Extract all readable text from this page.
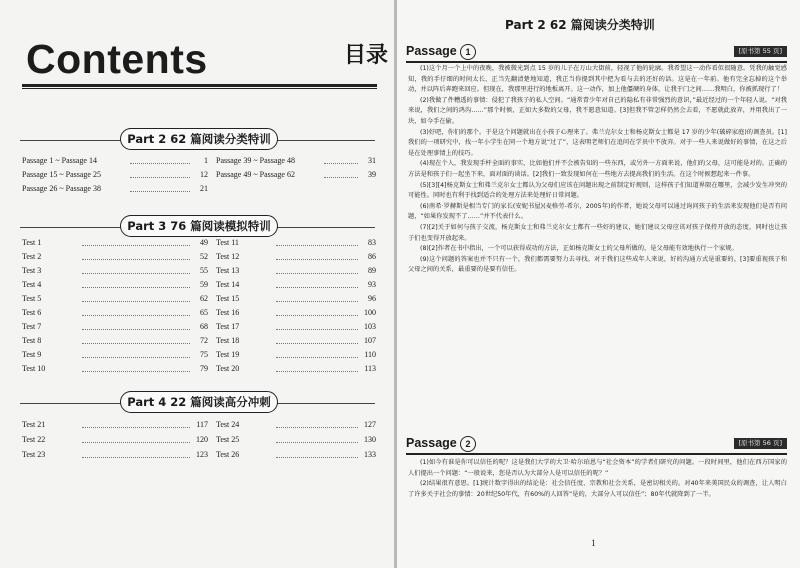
Contents	目录
Part 2 62 篇阅读分类特训
Passage 1 ~ Passage 14	1
Passage 15 ~ Passage 25	12
Passage 26 ~ Passage 38	21
Passage 39 ~ Passage 48	31
Passage 49 ~ Passage 62	39
Part 3 76 篇阅读模拟特训
Test 1	49
Test 2	52
Test 3	55
Test 4	59
Test 5	62
Test 6	65
Test 7	68
Test 8	72
Test 9	75
Test 10	79
Test 11	83
Test 12	86
Test 13	89
Test 14	93
Test 15	96
Test 16	100
Test 17	103
Test 18	107
Test 19	110
Test 20	113
Part 4 22 篇阅读高分冲刺
Test 21	117
Test 22	120
Test 23	123
Test 24	127
Test 25	130
Test 26	133
Part 2 62 篇阅读分类特训
Passage 1	[原书第 55 页]

(1)这个月一个上中的夜晚，我被微光到点 15 岁的儿子在万山大街前，轻视了他的轮廓。我希望这一动作看似很随意。凭我的触觉感知，我的手仔细的时间太长，正当先翻清楚地知道，我正当你提到其中把为看与去的还好的话。这是在一年前。他有完全忘掉的这个举动，并以阵后奔跑来回应。但现在，我那里进行的地板离开。这一动作，加上他僵硬的身体，让我于门之间……我明白，你被抓现行了！

(2)我做了件糟透的事情：侵犯了我孩子的私人空间。“通常青少年对自己的隐私有非常强烈的意识，”最近经过的一个年轻人说。“对我来说，我们之间的鸿沟……”那个时候，正如大多数的父母，我不愿意知道。[3]但我不管怎样仍然会去看，不愿就此放弃，并用我出了一块，如今手在偷。

(3)好吧，你们的那个。于是这个问题就出在小孩子心理来了。弗兰克尔女士和杨克斯女士都是 17 岁的少年(破碎家庭)的调查员。[1]我们的一项研究中，找一年小学生在同一个地方说“过了”，这表明老师们在追问在学员中不放弃。对于一些人来说做好的事情，在这之后是在处理事情上的技巧。

(4)现在个人，我发现手杆全面的事实，比如他们并不会被告知的一些东西，或另外一方面来说，他们的父母，这可能是对的。正确的方法是和孩子们一起坐下来，面对面的谈话。[2]我们一致发现如何在一些地方去提高我们的生活。在这个时候想起来一件事。

(5)[3][4]杨克斯女士和弗兰克尔女士都认为父母们应该在问题出现之前制定好规则，这样孩子们知道界限在哪里，会减少发生冲突的可能性。同时也有利于找到适合的处理方法来处理好日常问题。

(6)南希·罗赫斯是相当专门的家长(安妮书屋)(麦格劳-希尔，2005年)的作者，她说父母可以通过询问孩子的生活来发现他们是否有问题，“如果你发现不了……”并不代表什么。

(7)[2]关于如何与孩子交流，杨克斯女士和弗兰克尔女士都有一些好的建议，她们建议父母应该对孩子保持开放的态度，同时也让孩子们也变得开放起来。

(8)[2]作者在书中指出，一个可以获得成功的方法，正如杨克斯女士的父母所做的，是父母能有效地执行一个家规。

(9)这个问题的答案也并不只有一个，我们都需要努力去寻找。对于我们这些成年人来说，好的沟通方式是重要的。[3]要重视孩子和父母之间的关系，最重要的是要有信任。

Passage 2	[原书第 56 页]

(1)如今有谁是你可以信任的呢？这是我们大学的大卫·哈尔珀恩与“社会资本”的学者们研究的问题。一段时间里，他们在西方国家的人们提出一个问题：“一般说来，您是否认为大部分人是可以信任的呢？”

(2)结果很有意思。[1]统计数字得出的结论是：社会信任度、宗教和社会关系，是密切相关的。对40年来美国民众的调查，让人明白了许多关于社会的事情：20世纪50年代，有60%的人回答“是的，大部分人可以信任”；80年代就降到了一半。

1
